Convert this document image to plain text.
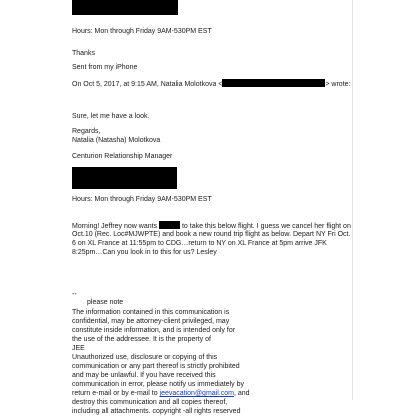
Hours: Mon through Friday 9AM-530PM EST
Thanks
Sent from my iPhone
On Oct 5, 2017, at 9:15 AM, Natalia Molotkova <	> wrote:
Sure, let me have a look.
Regards,
Natalia (Natasha) Molotkova
Centurion Relationship Manager
Hours: Mon through Friday 9AM-530PM EST
Morning! Jeffrey now wants	to take this below flight. I guess we cancel her flight on
Oct.10 (Rec. Loc#MJWPTE) and book a new round trip flight as below. Depart NY Fri Oct.
6 on XL France at 11:55pm to CDG…return to NY on XL France at 5pm arrive JFK
8:25pm…Can you look in to this for us? Lesley
--
please note
The information contained in this communication is
confidential, may be attorney-client privileged, may
constitute inside information, and is intended only for
the use of the addressee. It is the property of
JEE
Unauthorized use, disclosure or copying of this
communication or any part thereof is strictly prohibited
and may be unlawful. If you have received this
communication in error, please notify us immediately by
return e-mail or by e-mail to jeevacation@gmail.com, and
destroy this communication and all copies thereof,
including all attachments. copyright -all rights reserved
